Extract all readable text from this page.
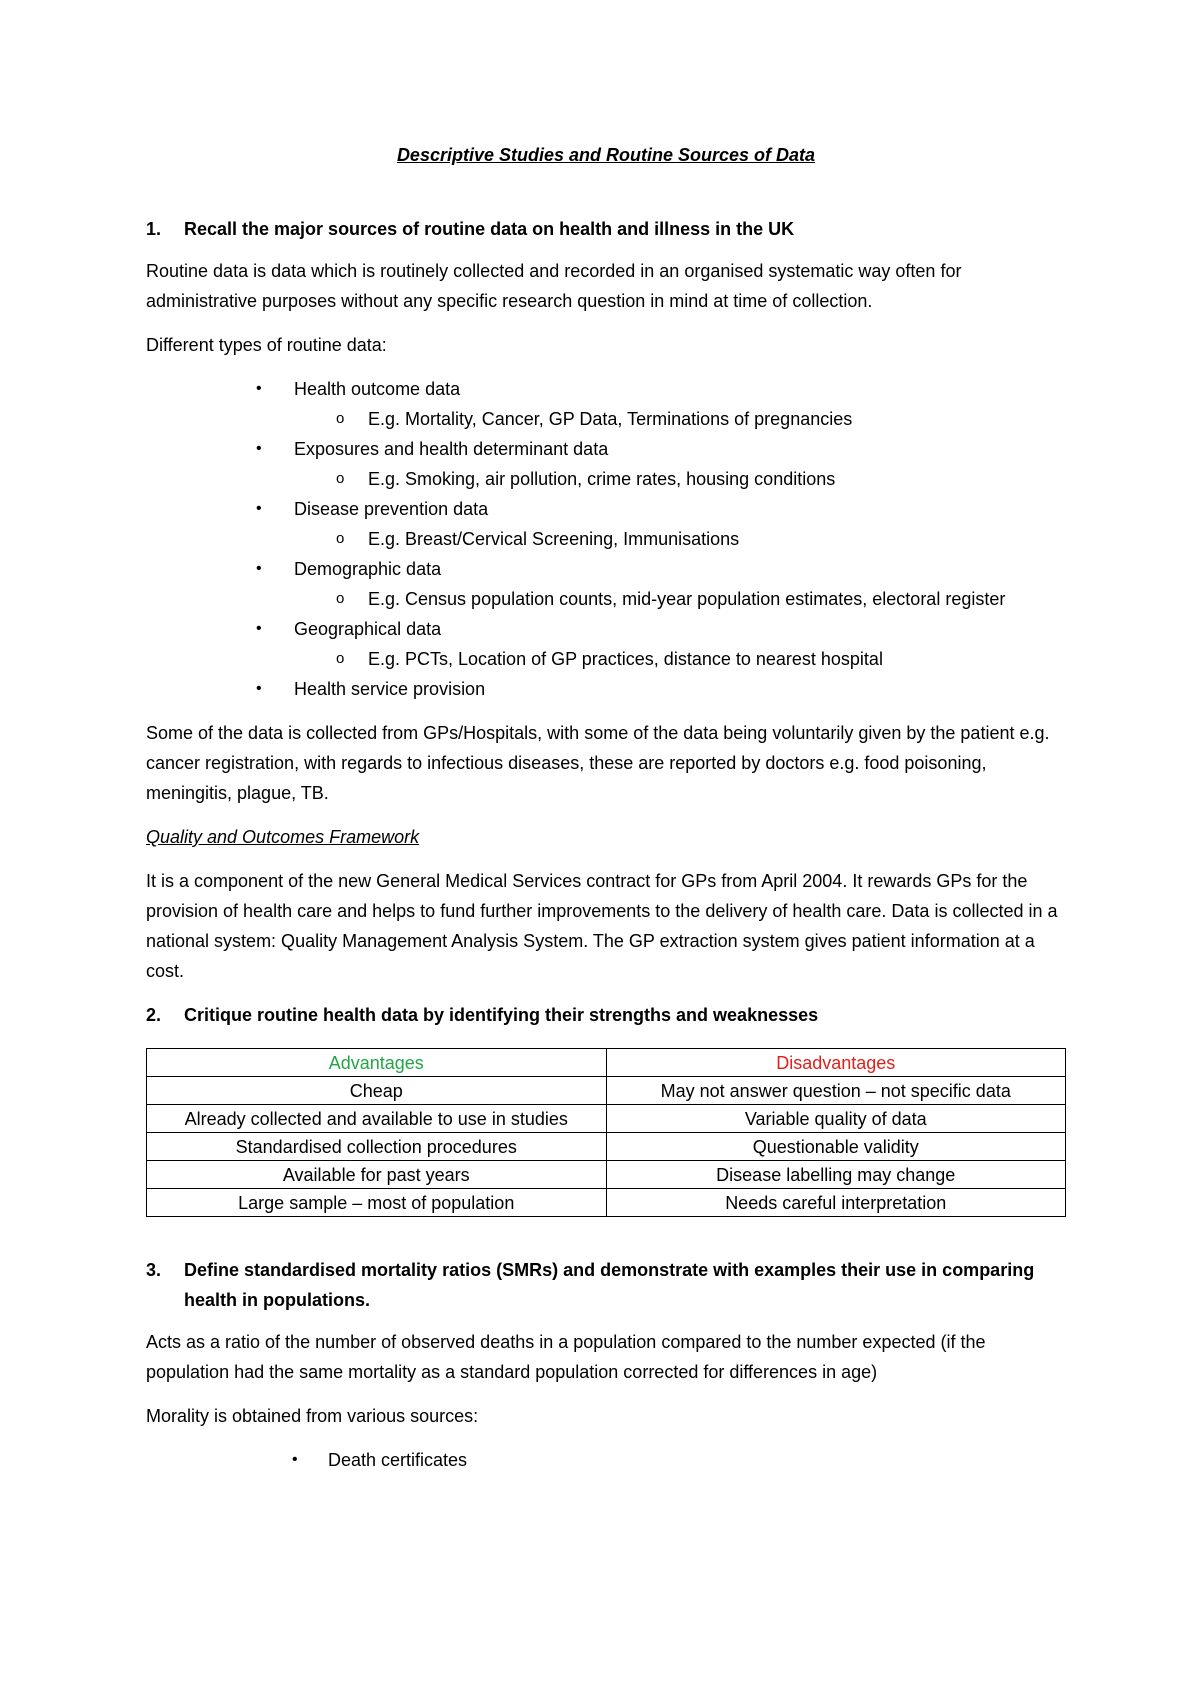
Descriptive Studies and Routine Sources of Data
1.	Recall the major sources of routine data on health and illness in the UK

Routine data is data which is routinely collected and recorded in an organised systematic way often for administrative purposes without any specific research question in mind at time of collection.

Different types of routine data:

• Health outcome data
o E.g. Mortality, Cancer, GP Data, Terminations of pregnancies
• Exposures and health determinant data
o E.g. Smoking, air pollution, crime rates, housing conditions
• Disease prevention data
o E.g. Breast/Cervical Screening, Immunisations
• Demographic data
o E.g. Census population counts, mid-year population estimates, electoral register
• Geographical data
o E.g. PCTs, Location of GP practices, distance to nearest hospital
• Health service provision

Some of the data is collected from GPs/Hospitals, with some of the data being voluntarily given by the patient e.g. cancer registration, with regards to infectious diseases, these are reported by doctors e.g. food poisoning, meningitis, plague, TB.

Quality and Outcomes Framework

It is a component of the new General Medical Services contract for GPs from April 2004. It rewards GPs for the provision of health care and helps to fund further improvements to the delivery of health care. Data is collected in a national system: Quality Management Analysis System. The GP extraction system gives patient information at a cost.

2.	Critique routine health data by identifying their strengths and weaknesses
Advantages	Disadvantages
Cheap	May not answer question – not specific data
Already collected and available to use in studies	Variable quality of data
Standardised collection procedures	Questionable validity
Available for past years	Disease labelling may change
Large sample – most of population	Needs careful interpretation
3.	Define standardised mortality ratios (SMRs) and demonstrate with examples their use in comparing health in populations.

Acts as a ratio of the number of observed deaths in a population compared to the number expected (if the population had the same mortality as a standard population corrected for differences in age)

Morality is obtained from various sources:

• Death certificates
